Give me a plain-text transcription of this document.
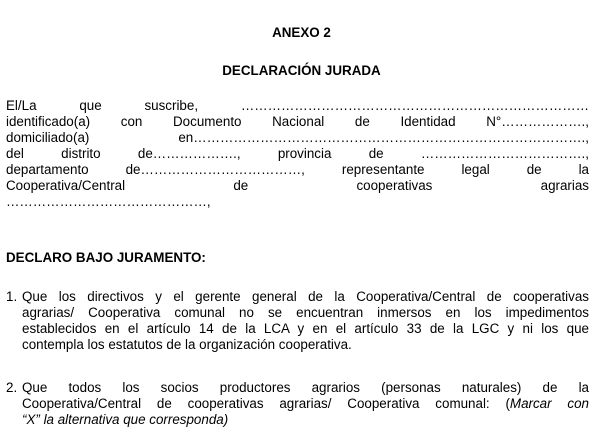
ANEXO 2
DECLARACIÓN JURADA
El/La que suscribe, ……………………………………………………………………
identificado(a) con Documento Nacional de Identidad N°……………….,
domiciliado(a) en…………………………………………………………………………….,
del distrito de………………., provincia de ……………………………….,
departamento de………………………………, representante legal de la
Cooperativa/Central de cooperativas agrarias
………………………………………,
DECLARO BAJO JURAMENTO:
1. Que los directivos y el gerente general de la Cooperativa/Central de cooperativas
agrarias/ Cooperativa comunal no se encuentran inmersos en los impedimentos
establecidos en el artículo 14 de la LCA y en el artículo 33 de la LGC y ni los que
contempla los estatutos de la organización cooperativa.
2. Que todos los socios productores agrarios (personas naturales) de la
Cooperativa/Central de cooperativas agrarias/ Cooperativa comunal: (Marcar con
“X” la alternativa que corresponda)
